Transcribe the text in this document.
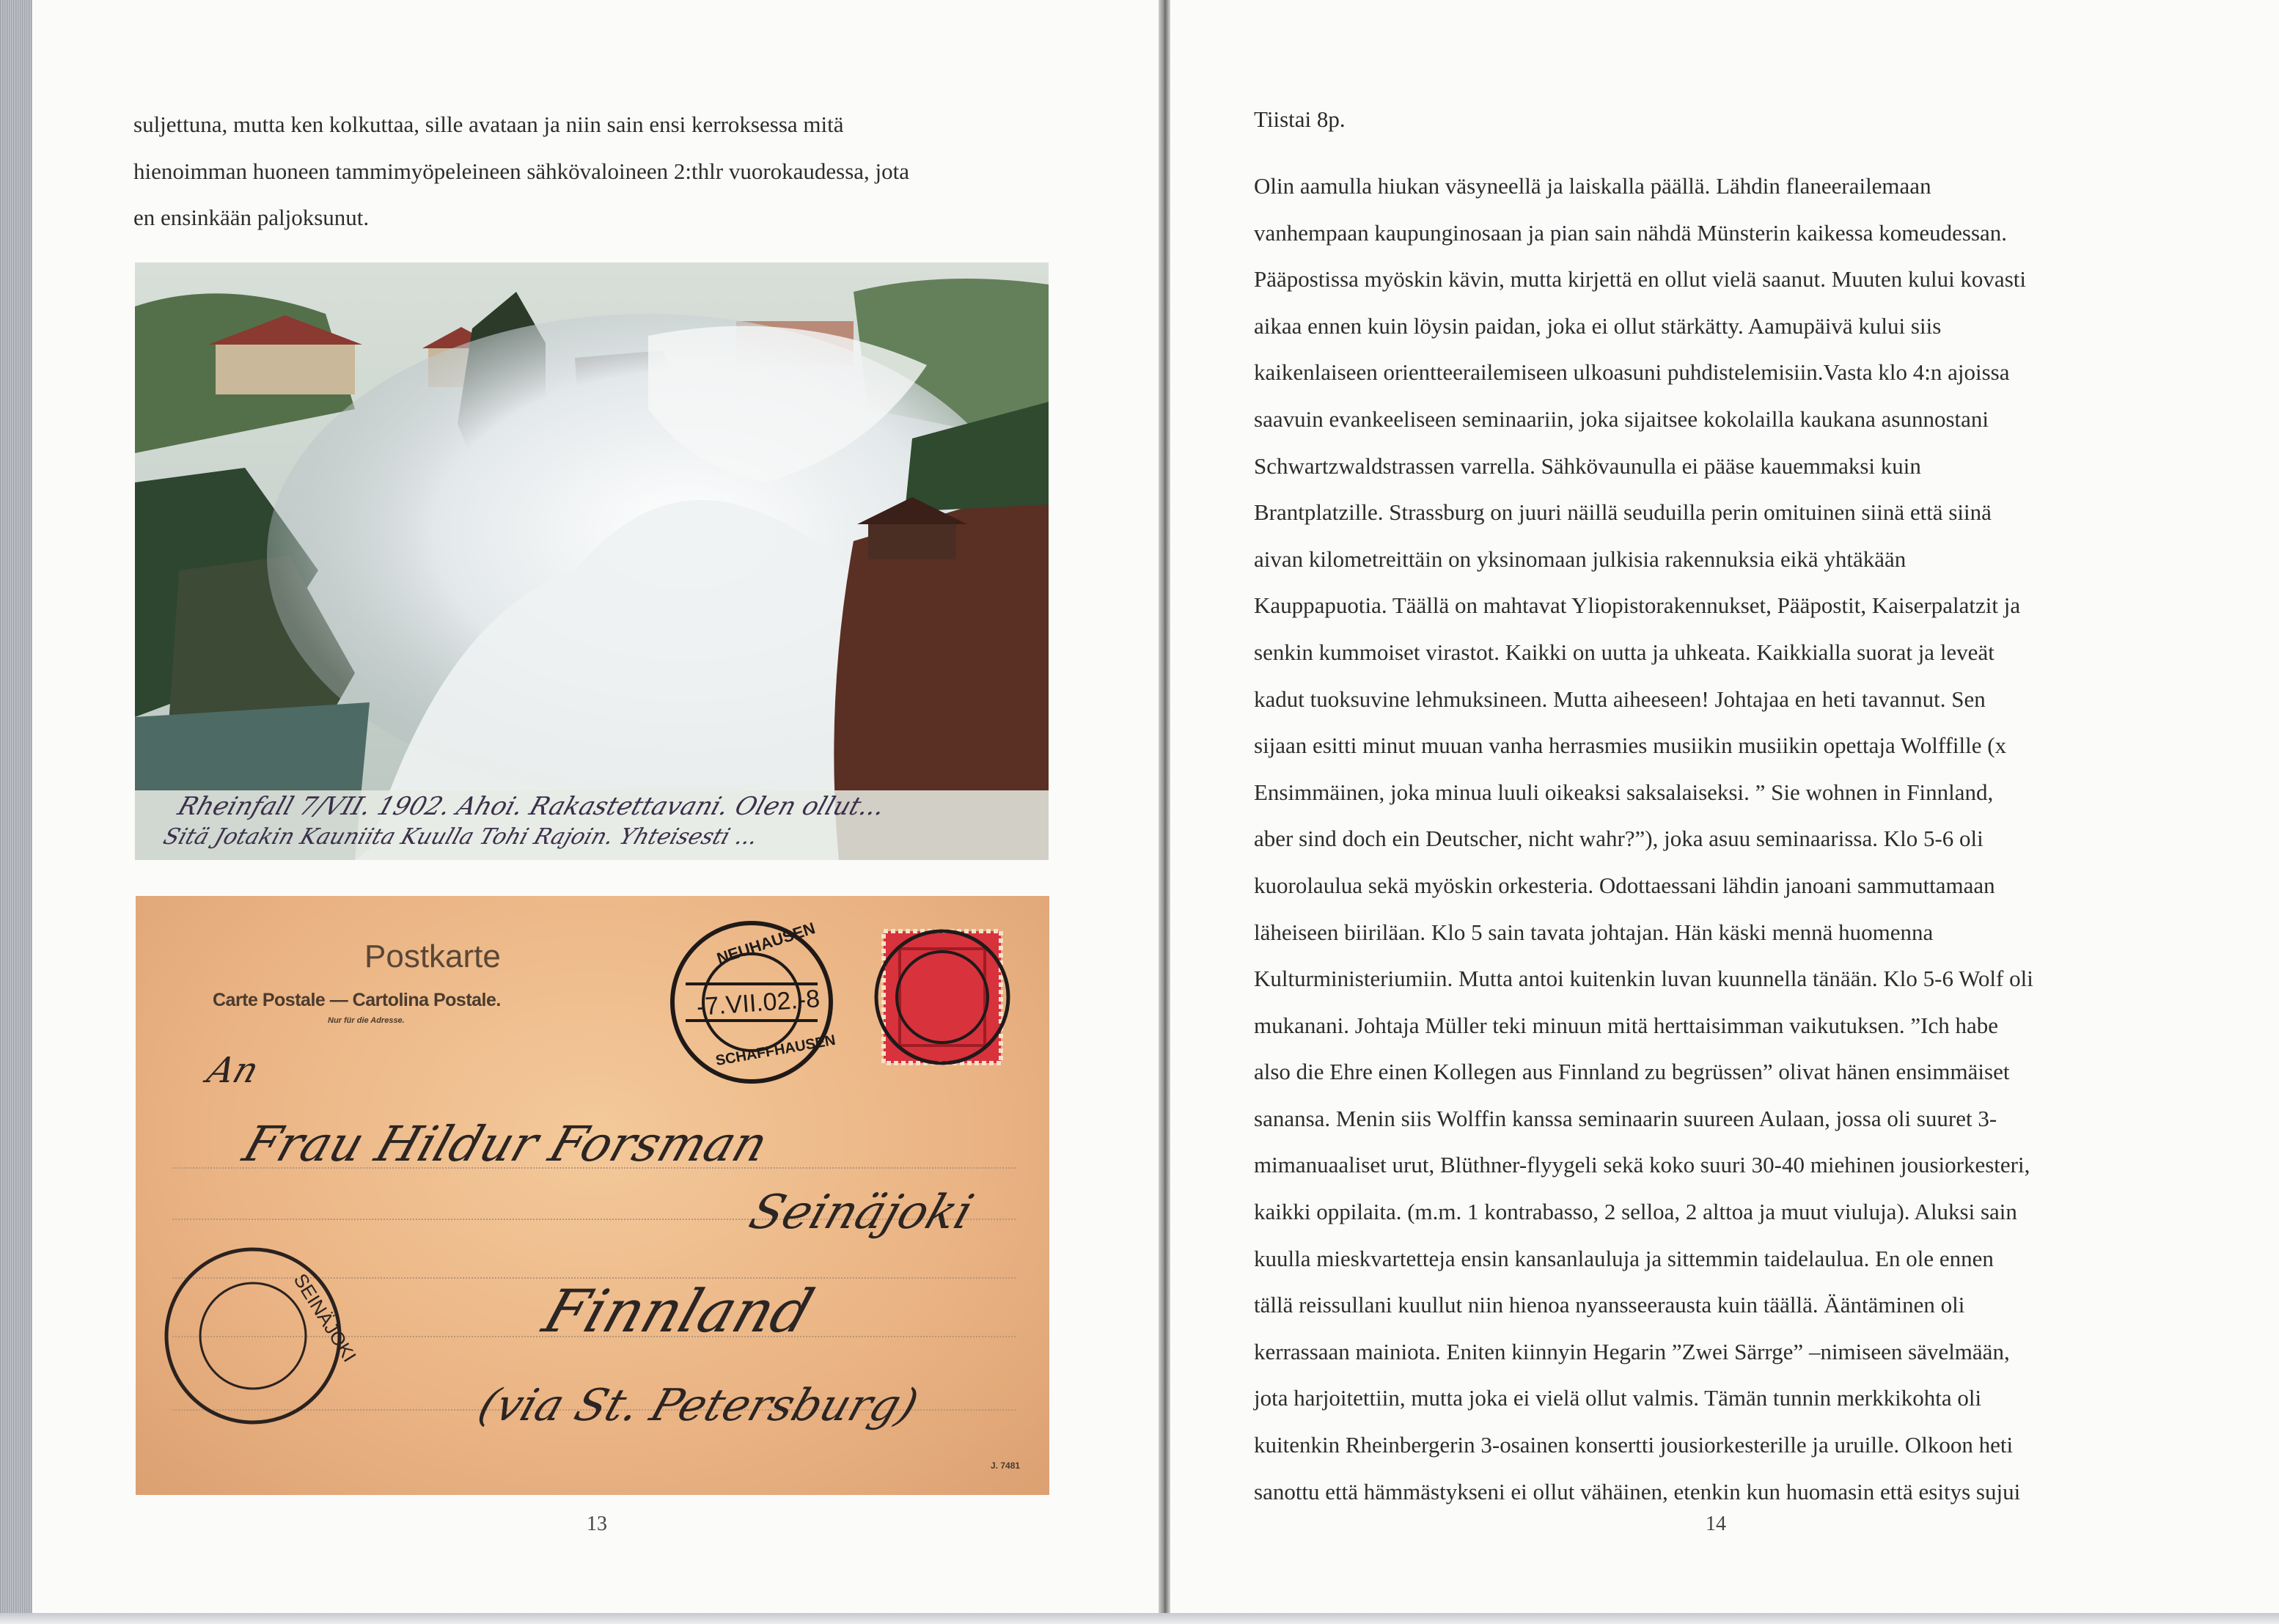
suljettuna, mutta ken kolkuttaa, sille avataan ja niin sain ensi kerroksessa mitä
hienoimman huoneen tammimyöpeleineen sähkövaloineen 2:thlr vuorokaudessa, jota
en ensinkään paljoksunut.
Rheinfall 7/VII. 1902. Ahoi. Rakastettavani. Olen ollut...
Sitä Jotakin Kauniita Kuulla Tohi Rajoin. Yhteisesti ...
Postkarte
Carte Postale — Cartolina Postale.
Nur für die Adresse.
An
Frau Hildur Forsman
Seinäjoki
Finnland
(via St. Petersburg)
NEUHAUSEN
-7.VII.02.-8
SCHAFFHAUSEN
SEINÄJOKI
J. 7481
13
Tiistai 8p.
Olin aamulla hiukan väsyneellä ja laiskalla päällä. Lähdin flaneerailemaan
vanhempaan kaupunginosaan ja pian sain nähdä Münsterin kaikessa komeudessan.
Pääpostissa myöskin kävin, mutta kirjettä en ollut vielä saanut. Muuten kului kovasti
aikaa ennen kuin löysin paidan, joka ei ollut stärkätty. Aamupäivä kului siis
kaikenlaiseen orientteerailemiseen ulkoasuni puhdistelemisiin.Vasta klo 4:n ajoissa
saavuin evankeeliseen seminaariin, joka sijaitsee kokolailla kaukana asunnostani
Schwartzwaldstrassen varrella. Sähkövaunulla ei pääse kauemmaksi kuin
Brantplatzille. Strassburg on juuri näillä seuduilla perin omituinen siinä että siinä
aivan kilometreittäin on yksinomaan julkisia rakennuksia eikä yhtäkään
Kauppapuotia. Täällä on mahtavat Yliopistorakennukset, Pääpostit, Kaiserpalatzit ja
senkin kummoiset virastot. Kaikki on uutta ja uhkeata. Kaikkialla suorat ja leveät
kadut tuoksuvine lehmuksineen. Mutta aiheeseen! Johtajaa en heti tavannut. Sen
sijaan esitti minut muuan vanha herrasmies musiikin musiikin opettaja Wolffille (x
Ensimmäinen, joka minua luuli oikeaksi saksalaiseksi. ” Sie wohnen in Finnland,
aber sind doch ein Deutscher, nicht wahr?”), joka asuu seminaarissa. Klo 5-6 oli
kuorolaulua sekä myöskin orkesteria. Odottaessani lähdin janoani sammuttamaan
läheiseen biiriläan. Klo 5 sain tavata johtajan. Hän käski mennä huomenna
Kulturministeriumiin. Mutta antoi kuitenkin luvan kuunnella tänään. Klo 5-6 Wolf oli
mukanani. Johtaja Müller teki minuun mitä herttaisimman vaikutuksen. ”Ich habe
also die Ehre einen Kollegen aus Finnland zu begrüssen” olivat hänen ensimmäiset
sanansa. Menin siis Wolffin kanssa seminaarin suureen Aulaan, jossa oli suuret 3-
mimanuaaliset urut, Blüthner-flyygeli sekä koko suuri 30-40 miehinen jousiorkesteri,
kaikki oppilaita. (m.m. 1 kontrabasso, 2 selloa, 2 alttoa ja muut viuluja). Aluksi sain
kuulla mieskvartetteja ensin kansanlauluja ja sittemmin taidelaulua. En ole ennen
tällä reissullani kuullut niin hienoa nyansseerausta kuin täällä. Ääntäminen oli
kerrassaan mainiota. Eniten kiinnyin Hegarin ”Zwei Särrge” –nimiseen sävelmään,
jota harjoitettiin, mutta joka ei vielä ollut valmis. Tämän tunnin merkkikohta oli
kuitenkin Rheinbergerin 3-osainen konsertti jousiorkesterille ja uruille. Olkoon heti
sanottu että hämmästykseni ei ollut vähäinen, etenkin kun huomasin että esitys sujui
14
